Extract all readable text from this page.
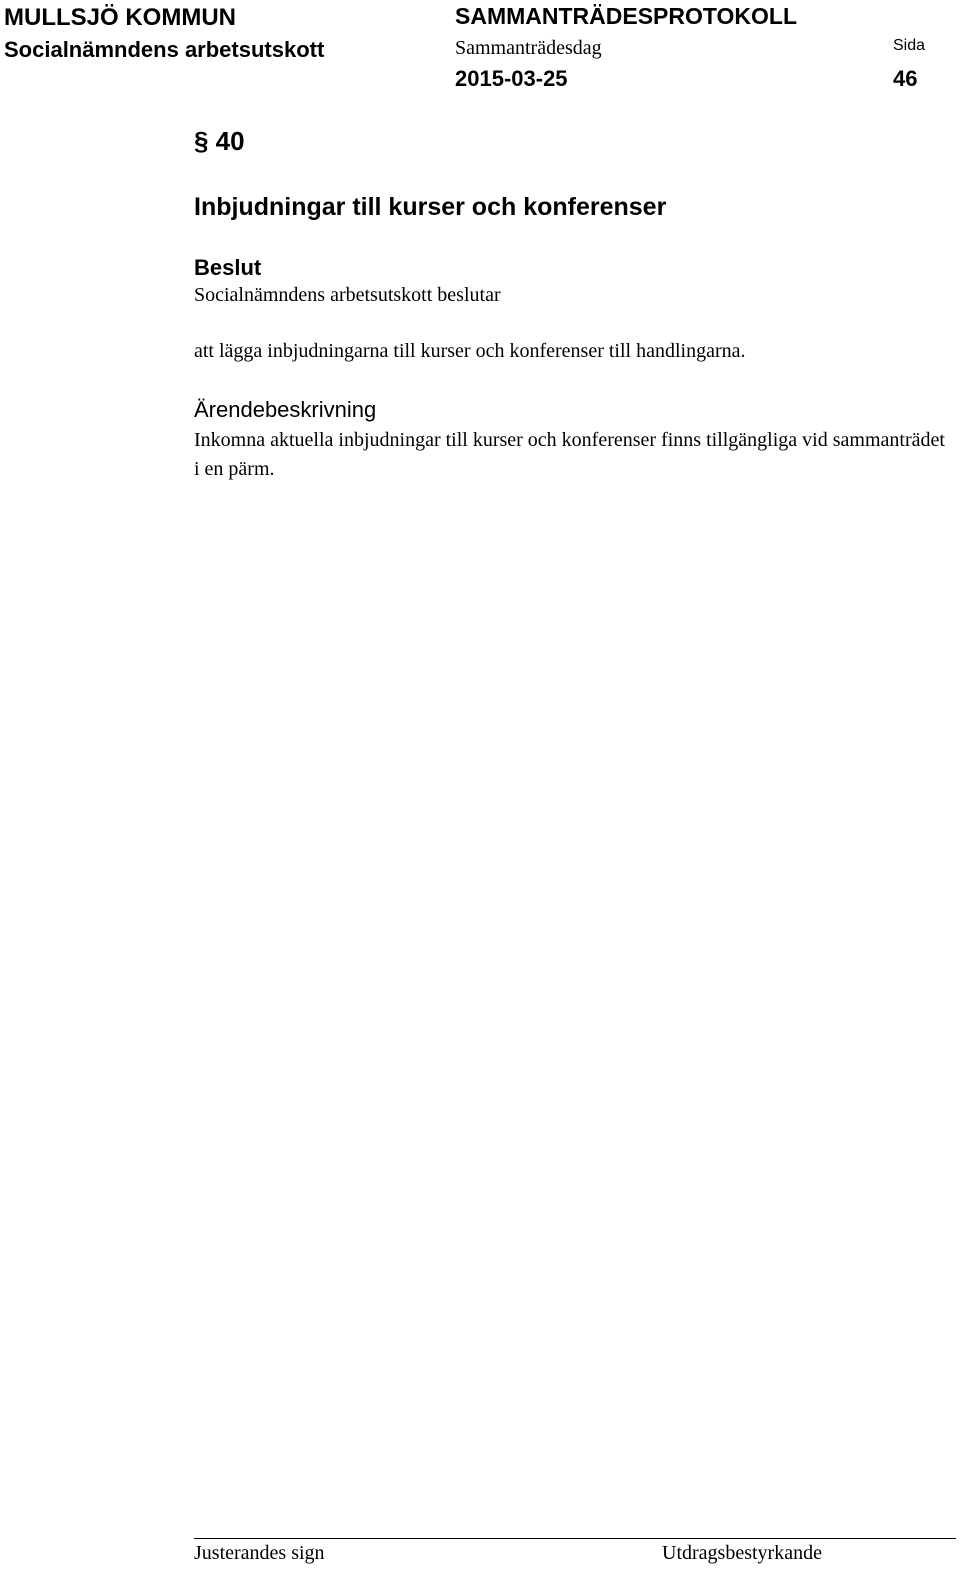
MULLSJÖ KOMMUN
Socialnämndens arbetsutskott
SAMMANTRÄDESPROTOKOLL
Sammanträdesdag
2015-03-25
Sida
46
§ 40
Inbjudningar till kurser och konferenser
Beslut
Socialnämndens arbetsutskott beslutar
att lägga inbjudningarna till kurser och konferenser till handlingarna.
Ärendebeskrivning
Inkomna aktuella inbjudningar till kurser och konferenser finns tillgängliga vid sammanträdet i en pärm.
Justerandes sign	Utdragsbestyrkande
